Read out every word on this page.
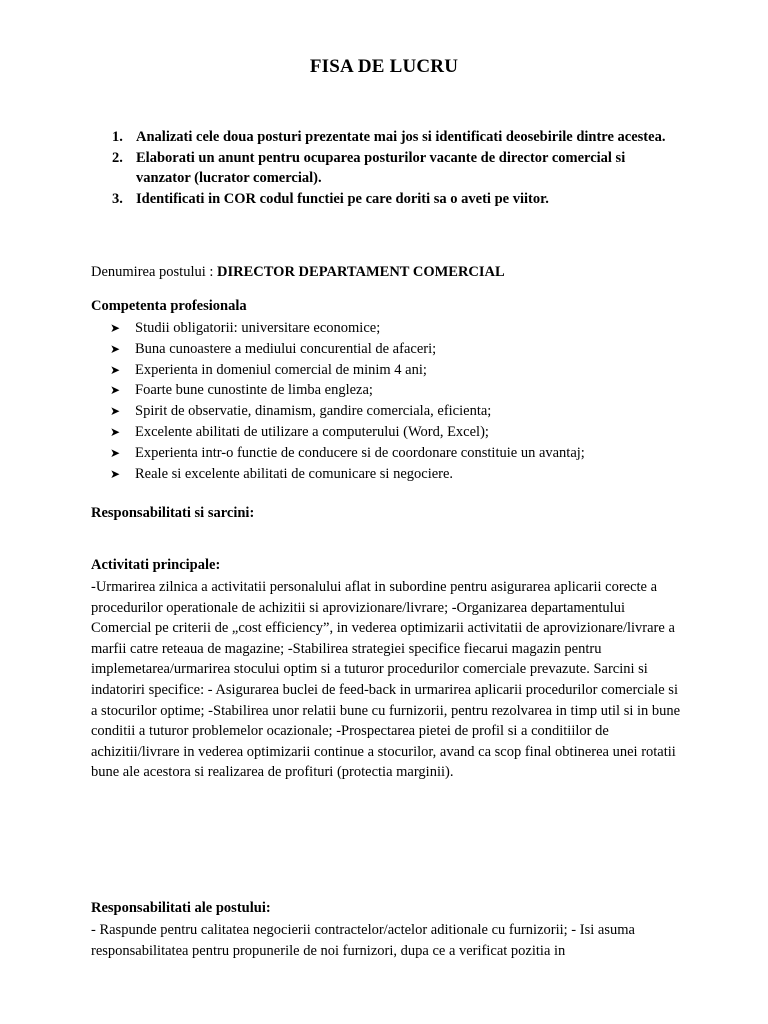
FISA DE LUCRU
1. Analizati cele doua posturi prezentate mai jos si identificati deosebirile dintre acestea.
2. Elaborati un anunt pentru ocuparea posturilor vacante de director comercial si vanzator (lucrator comercial).
3. Identificati in COR codul functiei pe care doriti sa o aveti pe viitor.
Denumirea postului : DIRECTOR DEPARTAMENT COMERCIAL
Competenta profesionala
➤ Studii obligatorii: universitare economice;
➤ Buna cunoastere a mediului concurential de afaceri;
➤ Experienta in domeniul comercial de minim 4 ani;
➤ Foarte bune cunostinte de limba engleza;
➤ Spirit de observatie, dinamism, gandire comerciala, eficienta;
➤ Excelente abilitati de utilizare a computerului (Word, Excel);
➤ Experienta intr-o functie de conducere si de coordonare constituie un avantaj;
➤ Reale si excelente abilitati de comunicare si negociere.
Responsabilitati si sarcini:
Activitati principale:
-Urmarirea zilnica a activitatii personalului aflat in subordine pentru asigurarea aplicarii corecte a procedurilor operationale de achizitii si aprovizionare/livrare; -Organizarea departamentului Comercial pe criterii de „cost efficiency”, in vederea optimizarii activitatii de aprovizionare/livrare a marfii catre reteaua de magazine; -Stabilirea strategiei specifice fiecarui magazin pentru implemetarea/urmarirea stocului optim si a tuturor procedurilor comerciale prevazute. Sarcini si indatoriri specifice: - Asigurarea buclei de feed-back in urmarirea aplicarii procedurilor comerciale si a stocurilor optime; -Stabilirea unor relatii bune cu furnizorii, pentru rezolvarea in timp util si in bune conditii a tuturor problemelor ocazionale; -Prospectarea pietei de profil si a conditiilor de achizitii/livrare in vederea optimizarii continue a stocurilor, avand ca scop final obtinerea unei rotatii bune ale acestora si realizarea de profituri (protectia marginii).
Responsabilitati ale postului:
- Raspunde pentru calitatea negocierii contractelor/actelor aditionale cu furnizorii; - Isi asuma responsabilitatea pentru propunerile de noi furnizori, dupa ce a verificat pozitia in
